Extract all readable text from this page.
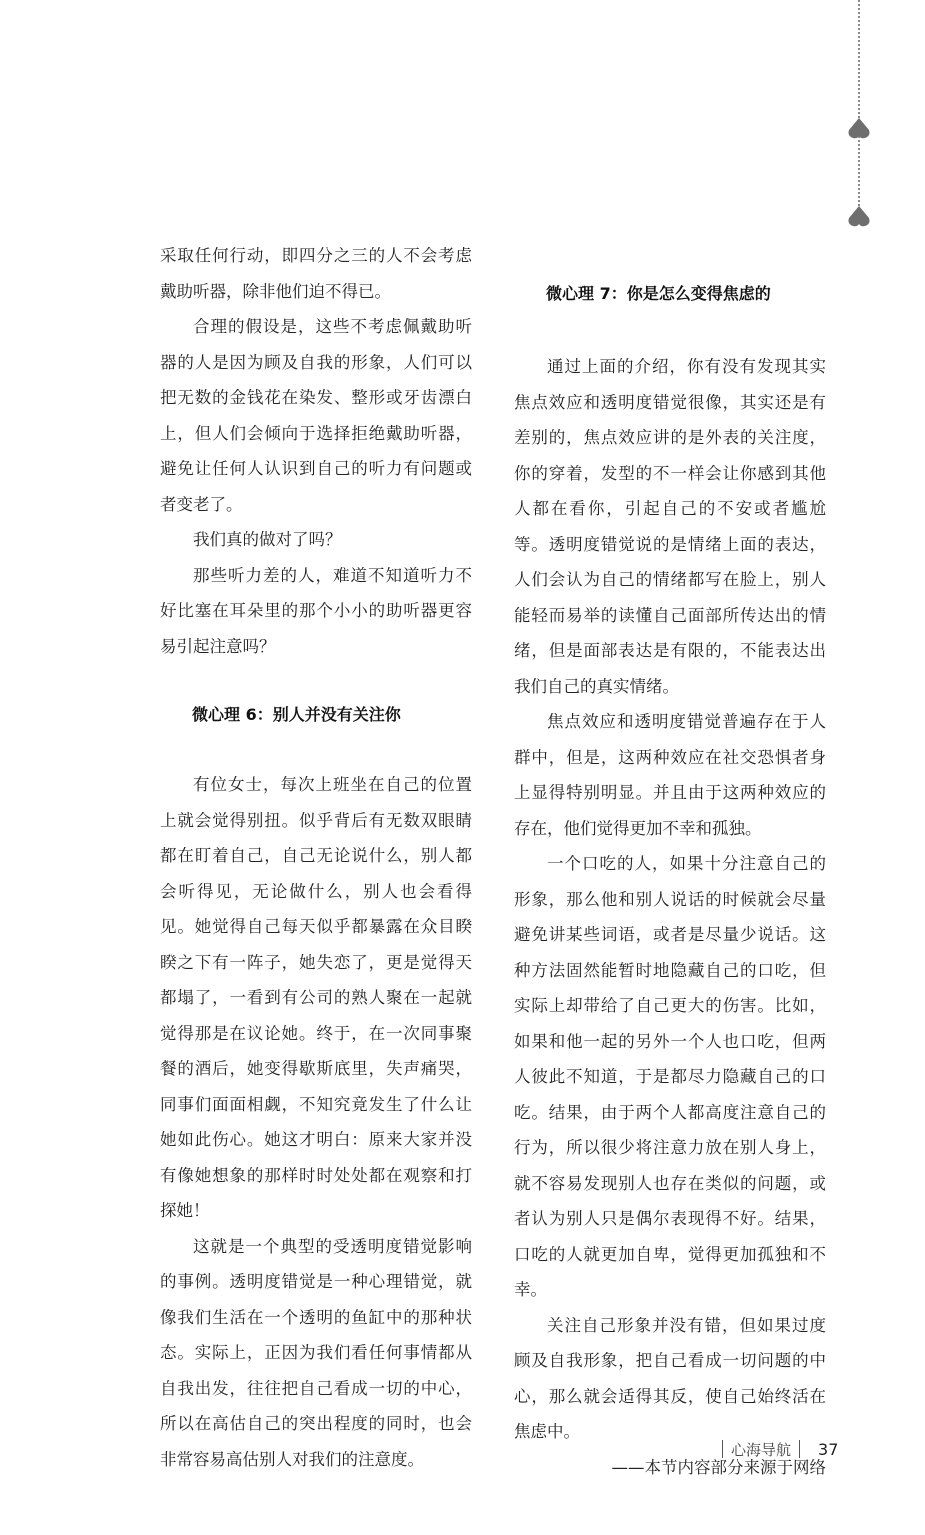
采取任何行动，即四分之三的人不会考虑戴助听器，除非他们迫不得已。

合理的假设是，这些不考虑佩戴助听器的人是因为顾及自我的形象，人们可以把无数的金钱花在染发、整形或牙齿漂白上，但人们会倾向于选择拒绝戴助听器，避免让任何人认识到自己的听力有问题或者变老了。

我们真的做对了吗？

那些听力差的人，难道不知道听力不好比塞在耳朵里的那个小小的助听器更容易引起注意吗？

微心理 6：别人并没有关注你

有位女士，每次上班坐在自己的位置上就会觉得别扭。似乎背后有无数双眼睛都在盯着自己，自己无论说什么，别人都会听得见，无论做什么，别人也会看得见。她觉得自己每天似乎都暴露在众目睽睽之下有一阵子，她失恋了，更是觉得天都塌了，一看到有公司的熟人聚在一起就觉得那是在议论她。终于，在一次同事聚餐的酒后，她变得歇斯底里，失声痛哭，同事们面面相觑，不知究竟发生了什么让她如此伤心。她这才明白：原来大家并没有像她想象的那样时时处处都在观察和打探她！

这就是一个典型的受透明度错觉影响的事例。透明度错觉是一种心理错觉，就像我们生活在一个透明的鱼缸中的那种状态。实际上，正因为我们看任何事情都从自我出发，往往把自己看成一切的中心，所以在高估自己的突出程度的同时，也会非常容易高估别人对我们的注意度。

微心理 7：你是怎么变得焦虑的

通过上面的介绍，你有没有发现其实焦点效应和透明度错觉很像，其实还是有差别的，焦点效应讲的是外表的关注度，你的穿着，发型的不一样会让你感到其他人都在看你，引起自己的不安或者尴尬等。透明度错觉说的是情绪上面的表达，人们会认为自己的情绪都写在脸上，别人能轻而易举的读懂自己面部所传达出的情绪，但是面部表达是有限的，不能表达出我们自己的真实情绪。

焦点效应和透明度错觉普遍存在于人群中，但是，这两种效应在社交恐惧者身上显得特别明显。并且由于这两种效应的存在，他们觉得更加不幸和孤独。

一个口吃的人，如果十分注意自己的形象，那么他和别人说话的时候就会尽量避免讲某些词语，或者是尽量少说话。这种方法固然能暂时地隐藏自己的口吃，但实际上却带给了自己更大的伤害。比如，如果和他一起的另外一个人也口吃，但两人彼此不知道，于是都尽力隐藏自己的口吃。结果，由于两个人都高度注意自己的行为，所以很少将注意力放在别人身上，就不容易发现别人也存在类似的问题，或者认为别人只是偶尔表现得不好。结果，口吃的人就更加自卑，觉得更加孤独和不幸。

关注自己形象并没有错，但如果过度顾及自我形象，把自己看成一切问题的中心，那么就会适得其反，使自己始终活在焦虑中。

——本节内容部分来源于网络

心海导航 37
